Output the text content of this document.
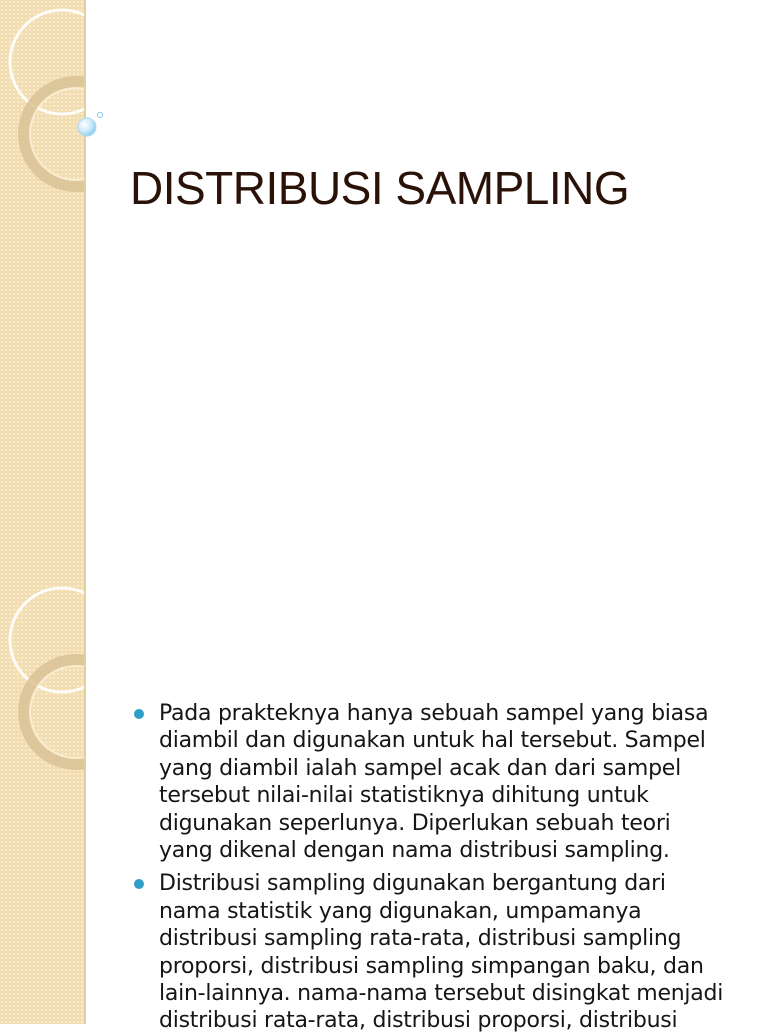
DISTRIBUSI SAMPLING
Pada prakteknya hanya sebuah sampel yang biasa
diambil dan digunakan untuk hal tersebut. Sampel
yang diambil ialah sampel acak dan dari sampel
tersebut nilai-nilai statistiknya dihitung untuk
digunakan seperlunya. Diperlukan sebuah teori
yang dikenal dengan nama distribusi sampling.
Distribusi sampling digunakan bergantung dari
nama statistik yang digunakan, umpamanya
distribusi sampling rata-rata, distribusi sampling
proporsi, distribusi sampling simpangan baku, dan
lain-lainnya. nama-nama tersebut disingkat menjadi
distribusi rata-rata, distribusi proporsi, distribusi
